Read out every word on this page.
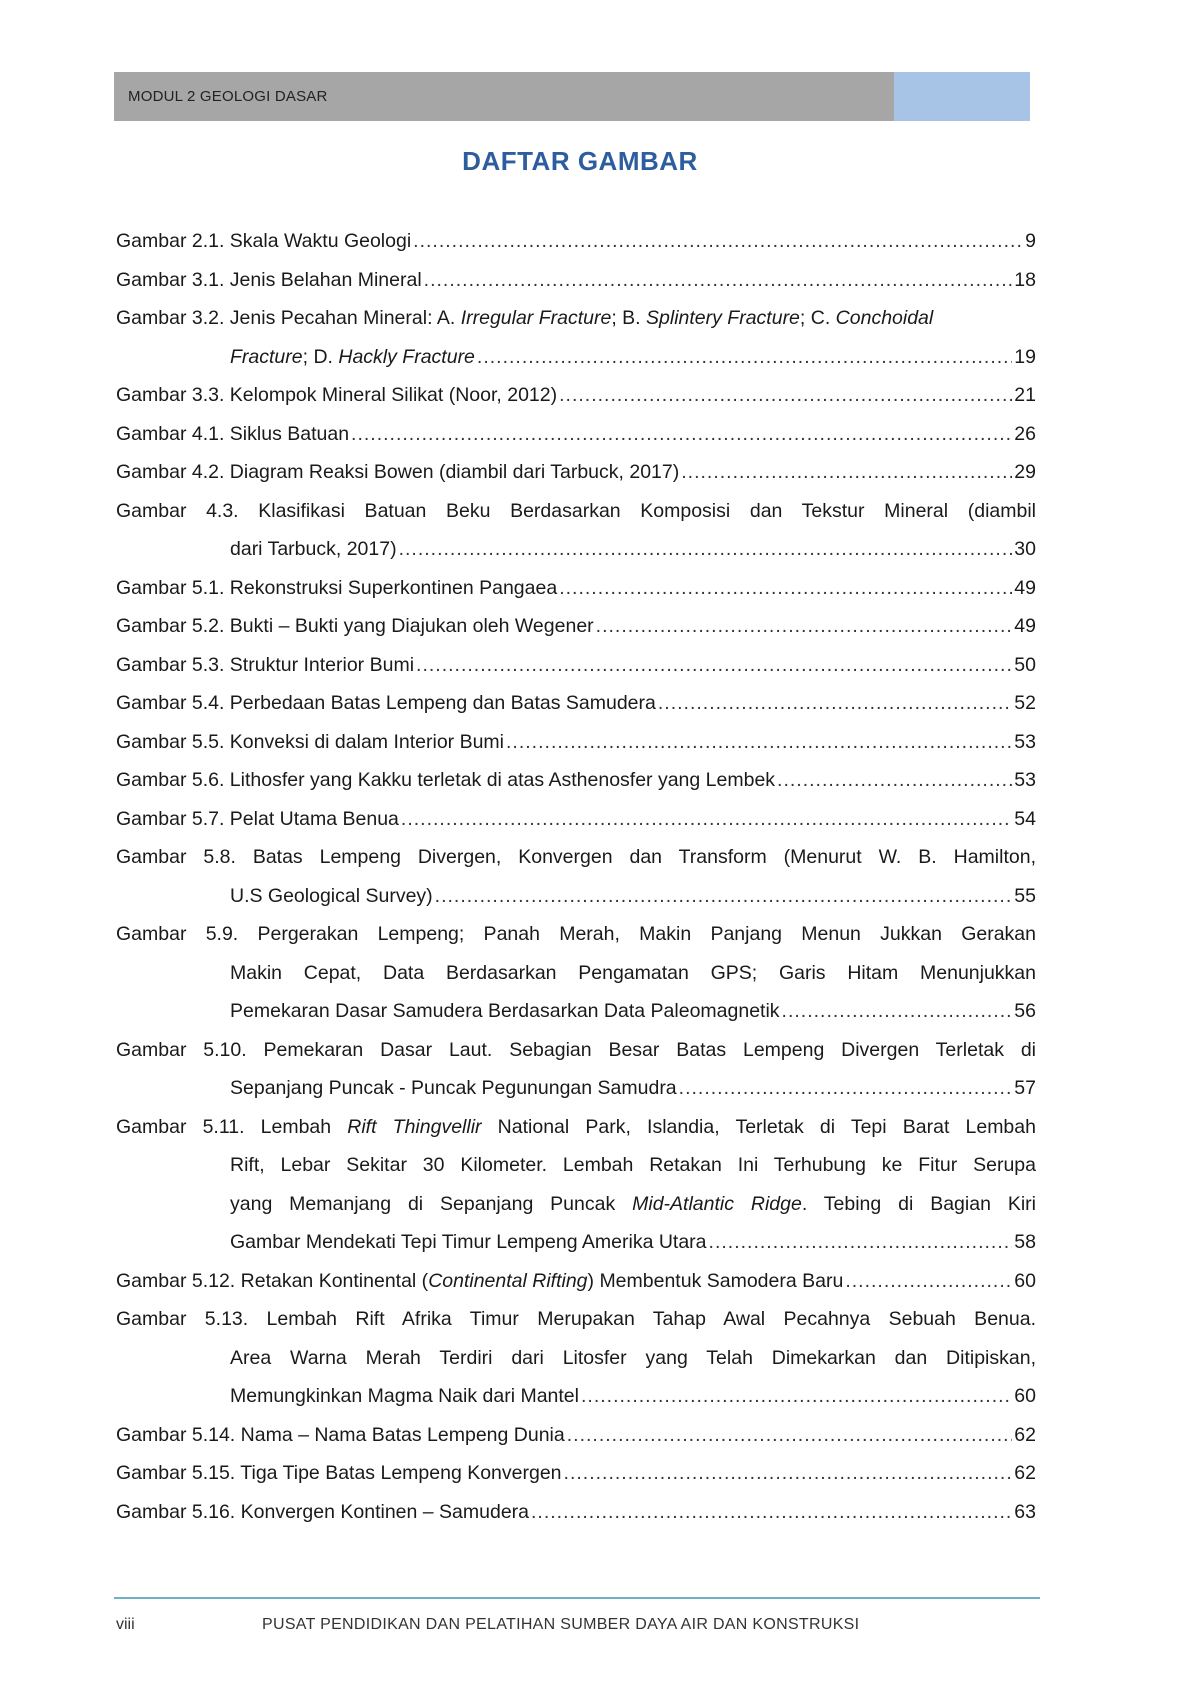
MODUL 2 GEOLOGI DASAR
DAFTAR GAMBAR
Gambar 2.1. Skala Waktu Geologi .....	9
Gambar 3.1. Jenis Belahan Mineral .....	18
Gambar 3.2. Jenis Pecahan Mineral: A. Irregular Fracture; B. Splintery Fracture; C. Conchoidal
Fracture; D. Hackly Fracture .....	19
Gambar 3.3. Kelompok Mineral Silikat (Noor, 2012) .....	21
Gambar 4.1. Siklus Batuan .....	26
Gambar 4.2. Diagram Reaksi Bowen (diambil dari Tarbuck, 2017) .....	29
Gambar 4.3. Klasifikasi Batuan Beku Berdasarkan Komposisi dan Tekstur Mineral (diambil
dari Tarbuck, 2017) .....	30
Gambar 5.1. Rekonstruksi Superkontinen Pangaea .....	49
Gambar 5.2. Bukti – Bukti yang Diajukan oleh Wegener .....	49
Gambar 5.3. Struktur Interior Bumi .....	50
Gambar 5.4. Perbedaan Batas Lempeng dan Batas Samudera .....	52
Gambar 5.5. Konveksi di dalam Interior Bumi .....	53
Gambar 5.6. Lithosfer yang Kakku terletak di atas Asthenosfer yang Lembek .....	53
Gambar 5.7. Pelat Utama Benua .....	54
Gambar 5.8. Batas Lempeng Divergen, Konvergen dan Transform (Menurut W. B. Hamilton,
U.S Geological Survey) .....	55
Gambar 5.9. Pergerakan Lempeng; Panah Merah, Makin Panjang Menun Jukkan Gerakan
Makin Cepat, Data Berdasarkan Pengamatan GPS; Garis Hitam Menunjukkan
Pemekaran Dasar Samudera Berdasarkan Data Paleomagnetik .....	56
Gambar 5.10. Pemekaran Dasar Laut. Sebagian Besar Batas Lempeng Divergen Terletak di
Sepanjang Puncak - Puncak Pegunungan Samudra .....	57
Gambar 5.11. Lembah Rift Thingvellir National Park, Islandia, Terletak di Tepi Barat Lembah
Rift, Lebar Sekitar 30 Kilometer. Lembah Retakan Ini Terhubung ke Fitur Serupa
yang Memanjang di Sepanjang Puncak Mid-Atlantic Ridge. Tebing di Bagian Kiri
Gambar Mendekati Tepi Timur Lempeng Amerika Utara .....	58
Gambar 5.12. Retakan Kontinental (Continental Rifting) Membentuk Samodera Baru .....	60
Gambar 5.13. Lembah Rift Afrika Timur Merupakan Tahap Awal Pecahnya Sebuah Benua.
Area Warna Merah Terdiri dari Litosfer yang Telah Dimekarkan dan Ditipiskan,
Memungkinkan Magma Naik dari Mantel .....	60
Gambar 5.14. Nama – Nama Batas Lempeng Dunia .....	62
Gambar 5.15. Tiga Tipe Batas Lempeng Konvergen .....	62
Gambar 5.16. Konvergen Kontinen – Samudera .....	63
viii	PUSAT PENDIDIKAN DAN PELATIHAN SUMBER DAYA AIR DAN KONSTRUKSI
